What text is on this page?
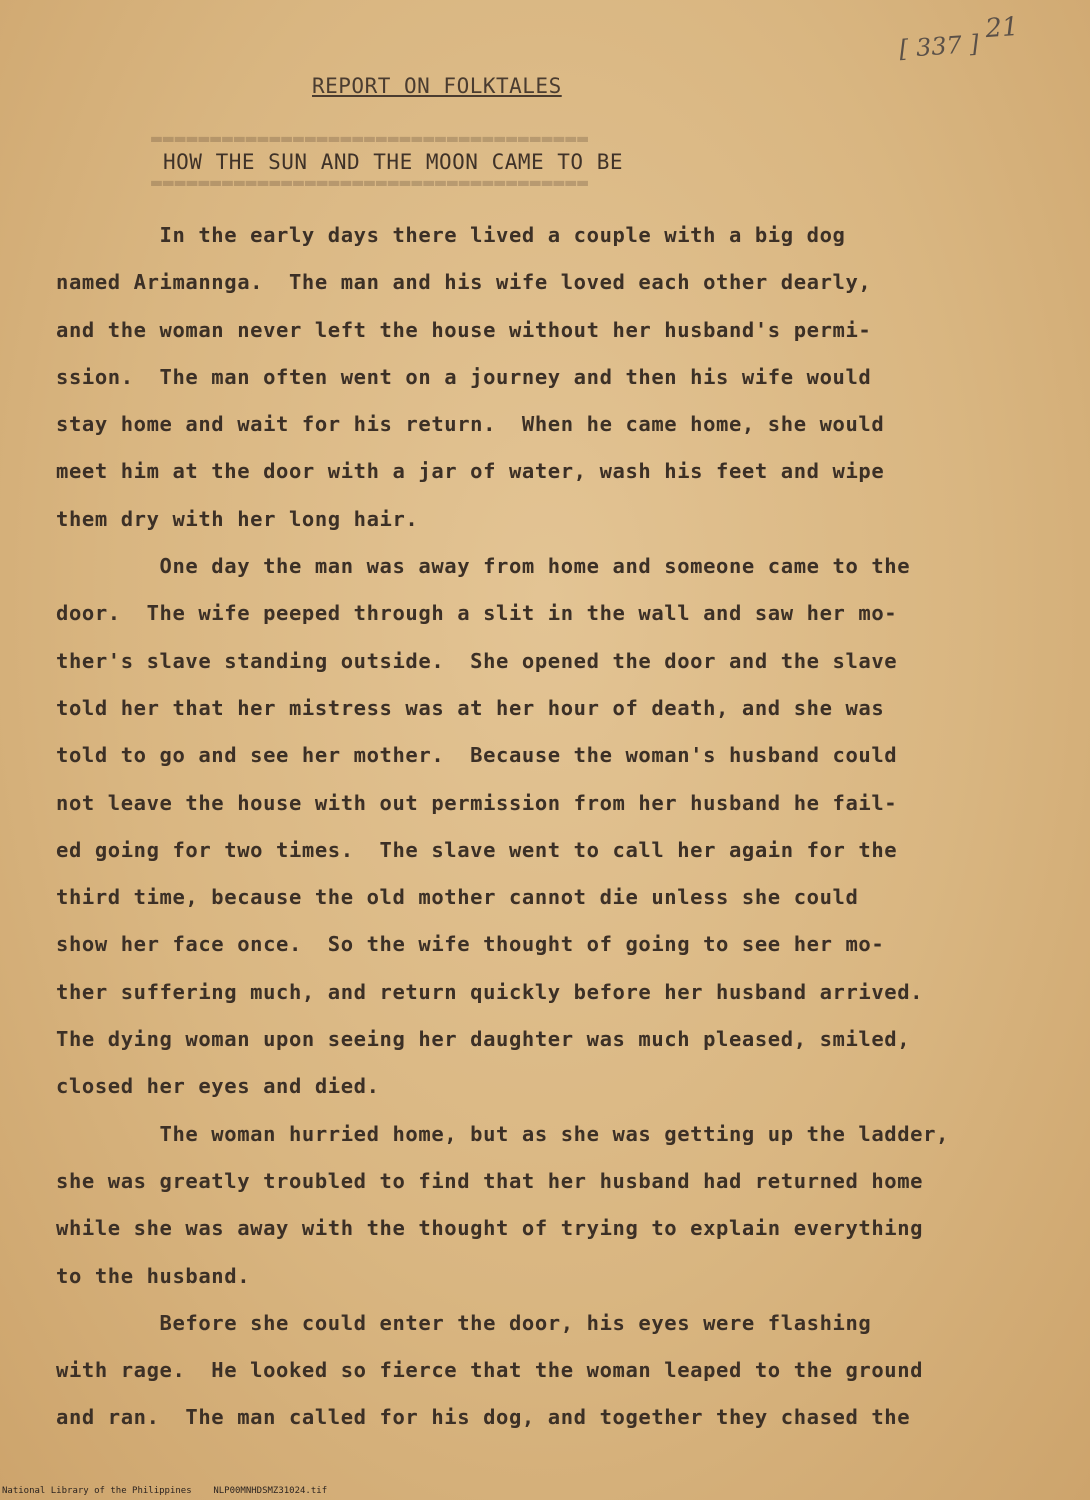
[ 337 ] 21
REPORT ON FOLKTALES
▬▬▬▬▬▬▬▬▬▬▬▬▬▬▬▬▬▬▬▬▬▬▬▬▬▬▬▬▬▬▬▬▬▬▬▬▬
▬▬▬▬▬▬▬▬▬▬▬▬▬▬▬▬▬▬▬▬▬▬▬▬▬▬▬▬▬▬▬▬▬▬▬▬▬
HOW THE SUN AND THE MOON CAME TO BE
In the early days there lived a couple with a big dog
named Arimannga.  The man and his wife loved each other dearly,
and the woman never left the house without her husband's permi-
ssion.  The man often went on a journey and then his wife would
stay home and wait for his return.  When he came home, she would
meet him at the door with a jar of water, wash his feet and wipe
them dry with her long hair.
One day the man was away from home and someone came to the
door.  The wife peeped through a slit in the wall and saw her mo-
ther's slave standing outside.  She opened the door and the slave
told her that her mistress was at her hour of death, and she was
told to go and see her mother.  Because the woman's husband could
not leave the house with out permission from her husband he fail-
ed going for two times.  The slave went to call her again for the
third time, because the old mother cannot die unless she could
show her face once.  So the wife thought of going to see her mo-
ther suffering much, and return quickly before her husband arrived.
The dying woman upon seeing her daughter was much pleased, smiled,
closed her eyes and died.
The woman hurried home, but as she was getting up the ladder,
she was greatly troubled to find that her husband had returned home
while she was away with the thought of trying to explain everything
to the husband.
Before she could enter the door, his eyes were flashing
with rage.  He looked so fierce that the woman leaped to the ground
and ran.  The man called for his dog, and together they chased the
National Library of the Philippines    NLP00MNHDSMZ31024.tif
